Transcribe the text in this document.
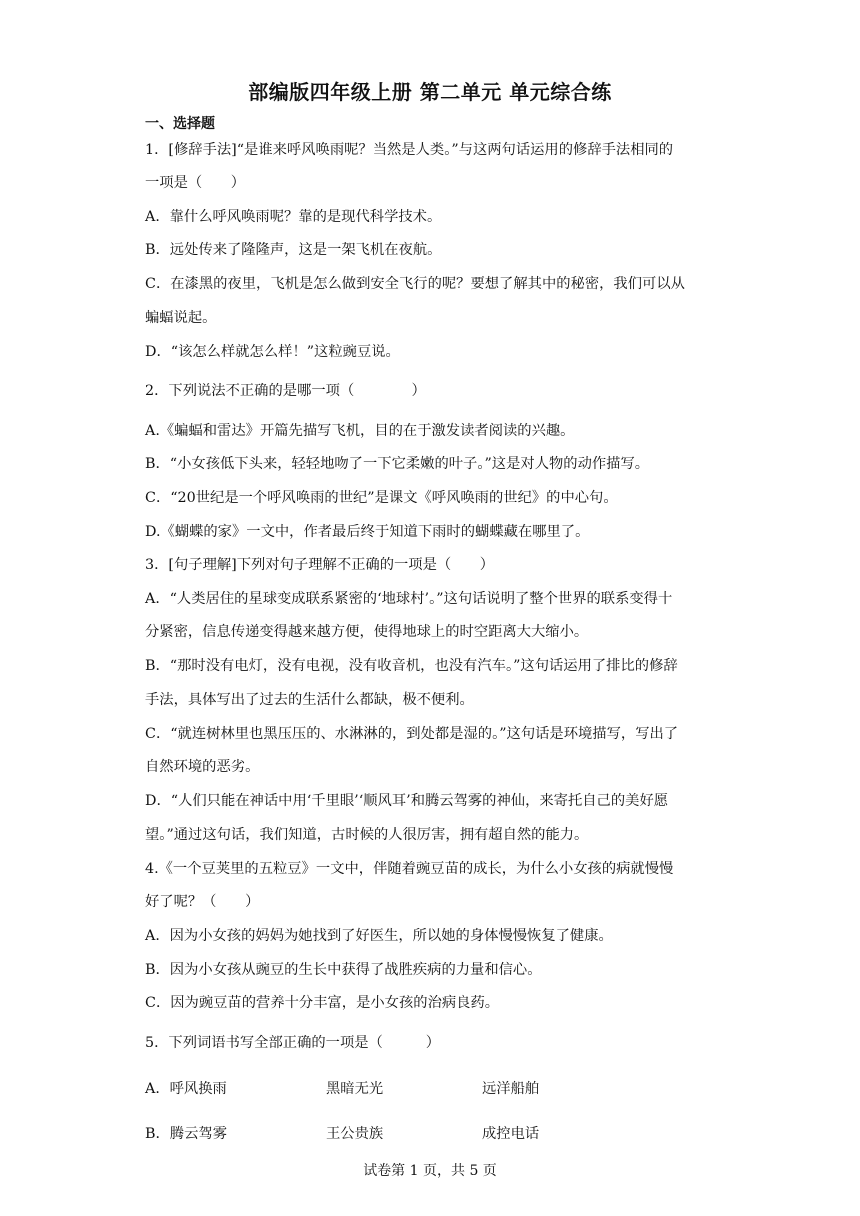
部编版四年级上册 第二单元 单元综合练
一、选择题
1．[修辞手法]“是谁来呼风唤雨呢？当然是人类。”与这两句话运用的修辞手法相同的
一项是（　　）
A．靠什么呼风唤雨呢？靠的是现代科学技术。
B．远处传来了隆隆声，这是一架飞机在夜航。
C．在漆黑的夜里，飞机是怎么做到安全飞行的呢？要想了解其中的秘密，我们可以从
蝙蝠说起。
D．“该怎么样就怎么样！”这粒豌豆说。
2．下列说法不正确的是哪一项（　　　　）
A.《蝙蝠和雷达》开篇先描写飞机，目的在于激发读者阅读的兴趣。
B．“小女孩低下头来，轻轻地吻了一下它柔嫩的叶子。”这是对人物的动作描写。
C．“20世纪是一个呼风唤雨的世纪”是课文《呼风唤雨的世纪》的中心句。
D.《蝴蝶的家》一文中，作者最后终于知道下雨时的蝴蝶藏在哪里了。
3．[句子理解]下列对句子理解不正确的一项是（　　）
A．“人类居住的星球变成联系紧密的‘地球村’。”这句话说明了整个世界的联系变得十
分紧密，信息传递变得越来越方便，使得地球上的时空距离大大缩小。
B．“那时没有电灯，没有电视，没有收音机，也没有汽车。”这句话运用了排比的修辞
手法，具体写出了过去的生活什么都缺，极不便利。
C．“就连树林里也黑压压的、水淋淋的，到处都是湿的。”这句话是环境描写，写出了
自然环境的恶劣。
D．“人们只能在神话中用‘千里眼’‘顺风耳’和腾云驾雾的神仙，来寄托自己的美好愿
望。”通过这句话，我们知道，古时候的人很厉害，拥有超自然的能力。
4.《一个豆荚里的五粒豆》一文中，伴随着豌豆苗的成长，为什么小女孩的病就慢慢
好了呢？（　　）
A．因为小女孩的妈妈为她找到了好医生，所以她的身体慢慢恢复了健康。
B．因为小女孩从豌豆的生长中获得了战胜疾病的力量和信心。
C．因为豌豆苗的营养十分丰富，是小女孩的治病良药。
5．下列词语书写全部正确的一项是（　　　）
A．呼风换雨	黑暗无光	远洋船舶
B．腾云驾雾	王公贵族	成控电话
试卷第 1 页，共 5 页
